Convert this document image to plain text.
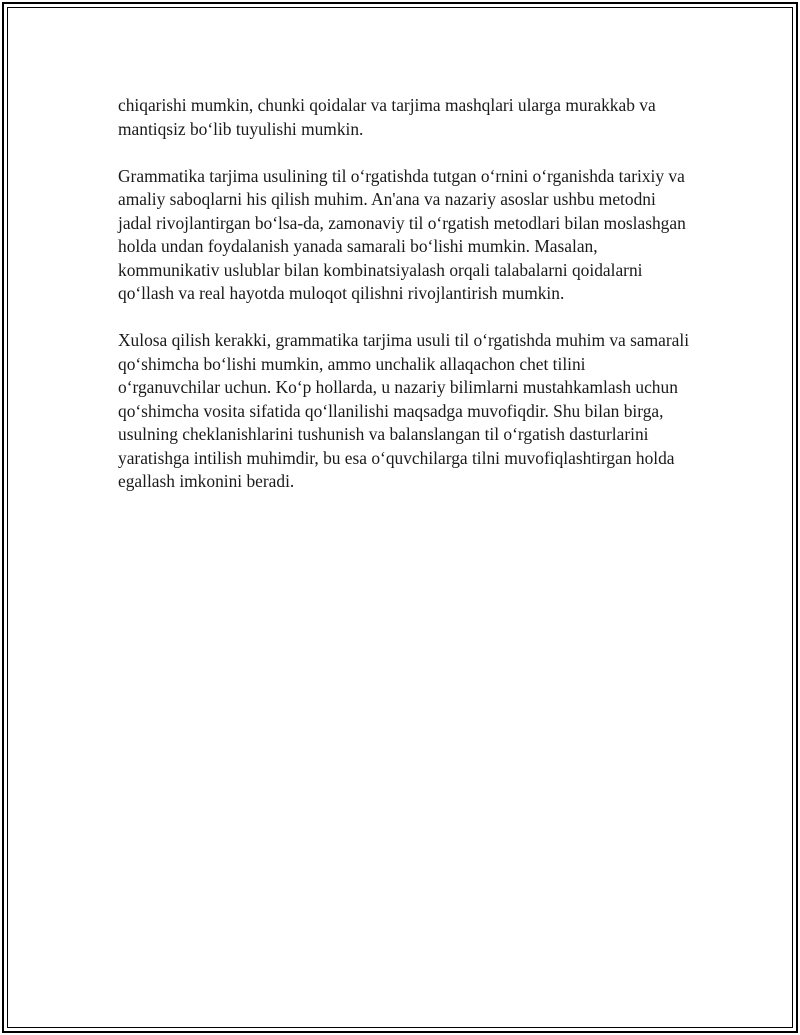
chiqarishi mumkin, chunki qoidalar va tarjima mashqlari ularga murakkab va mantiqsiz bo‘lib tuyulishi mumkin.

Grammatika tarjima usulining til o‘rgatishda tutgan o‘rnini o‘rganishda tarixiy va amaliy saboqlarni his qilish muhim. An'ana va nazariy asoslar ushbu metodni jadal rivojlantirgan bo‘lsa-da, zamonaviy til o‘rgatish metodlari bilan moslashgan holda undan foydalanish yanada samarali bo‘lishi mumkin. Masalan, kommunikativ uslublar bilan kombinatsiyalash orqali talabalarni qoidalarni qo‘llash va real hayotda muloqot qilishni rivojlantirish mumkin.

Xulosa qilish kerakki, grammatika tarjima usuli til o‘rgatishda muhim va samarali qo‘shimcha bo‘lishi mumkin, ammo unchalik allaqachon chet tilini o‘rganuvchilar uchun. Ko‘p hollarda, u nazariy bilimlarni mustahkamlash uchun qo‘shimcha vosita sifatida qo‘llanilishi maqsadga muvofiqdir. Shu bilan birga, usulning cheklanishlarini tushunish va balanslangan til o‘rgatish dasturlarini yaratishga intilish muhimdir, bu esa o‘quvchilarga tilni muvofiqlashtirgan holda egallash imkonini beradi.
